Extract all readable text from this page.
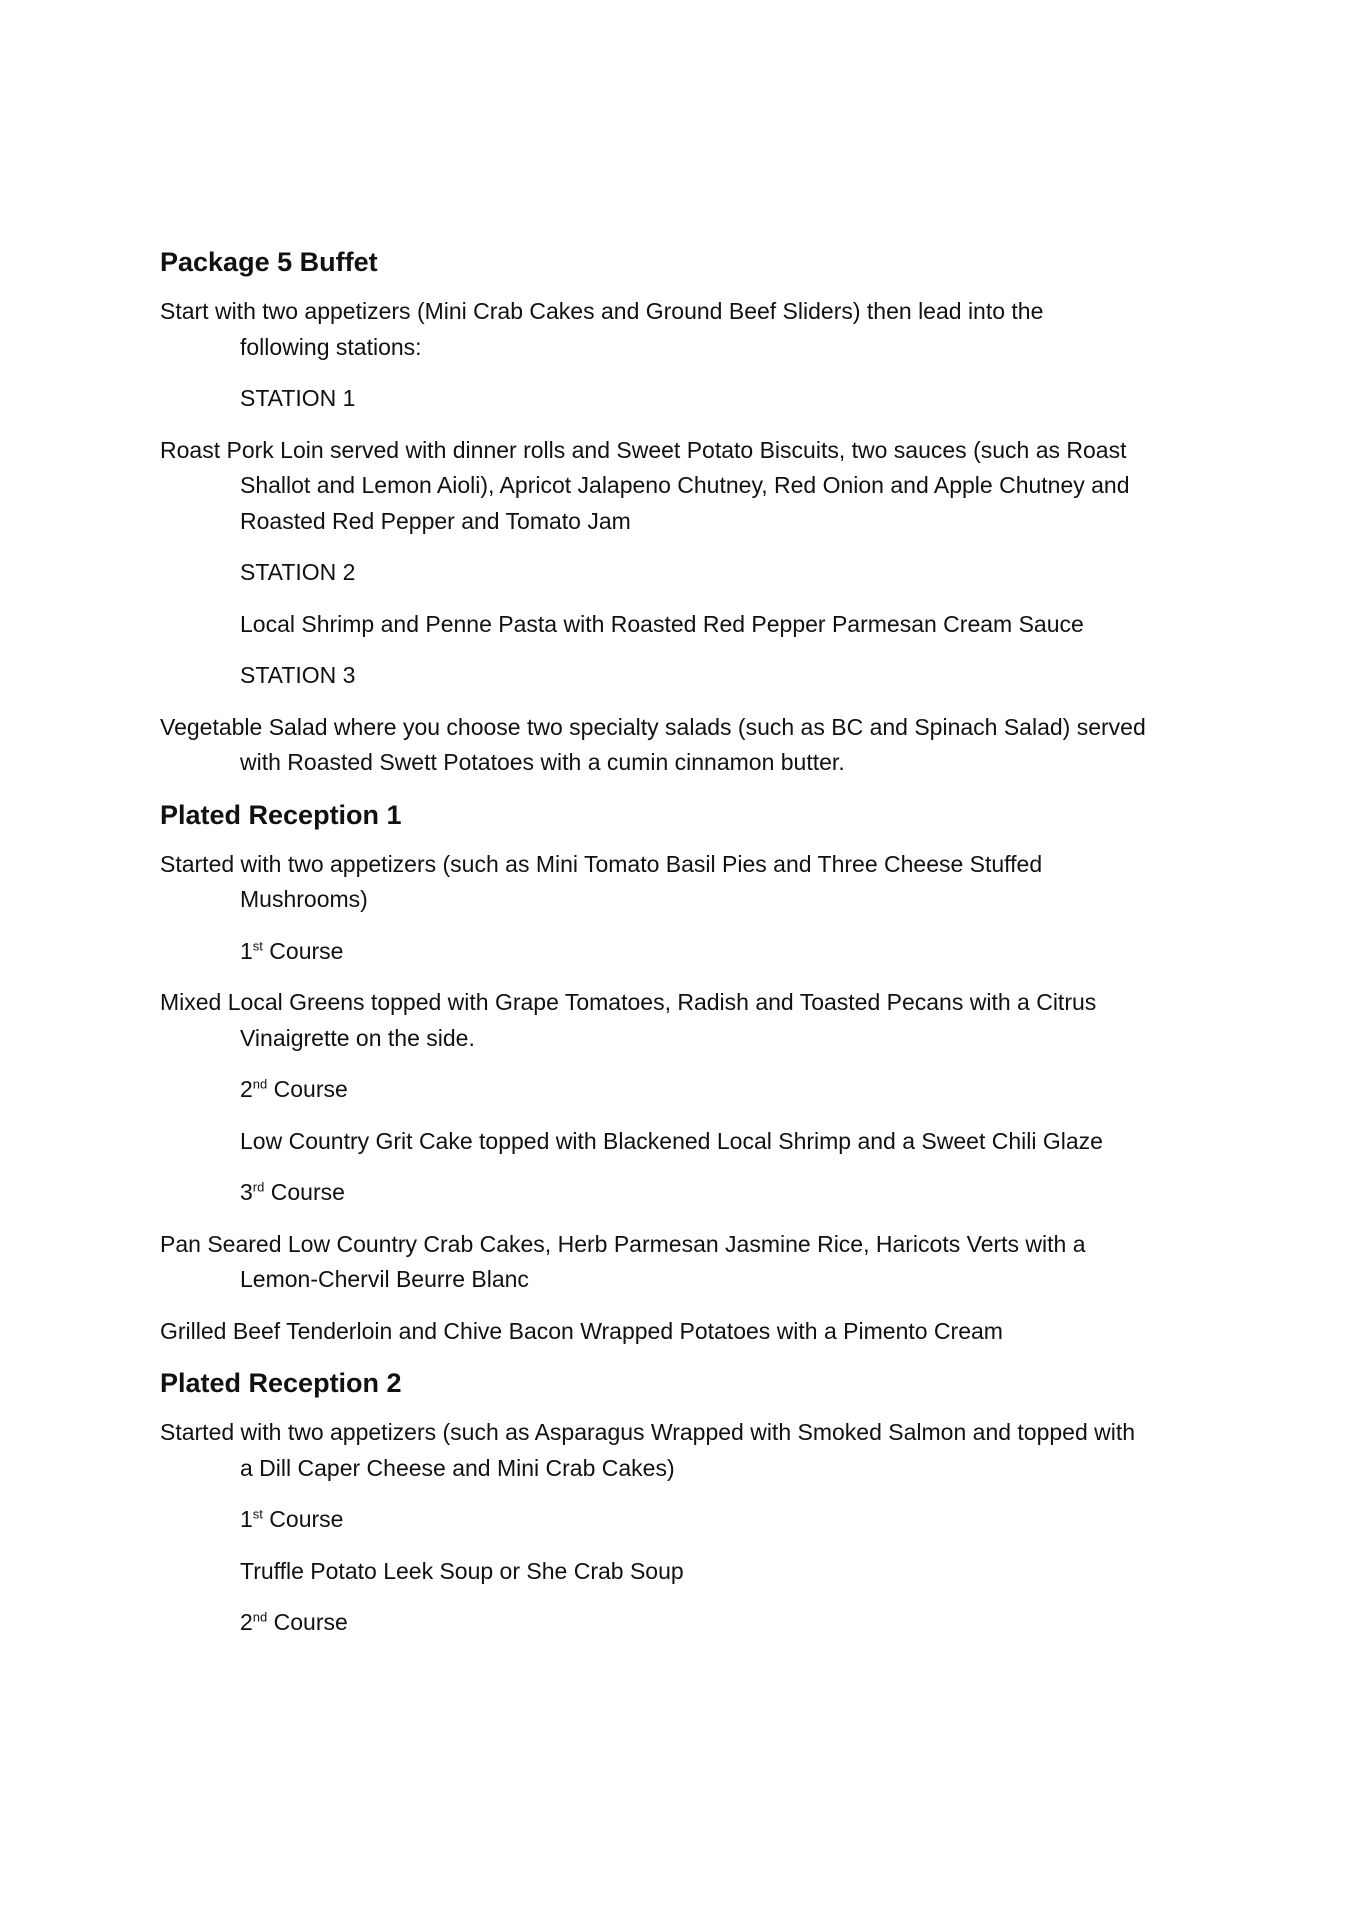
Package 5 Buffet
Start with two appetizers (Mini Crab Cakes and Ground Beef Sliders) then lead into the
following stations:
STATION 1
Roast Pork Loin served with dinner rolls and Sweet Potato Biscuits, two sauces (such as Roast
Shallot and Lemon Aioli), Apricot Jalapeno Chutney, Red Onion and Apple Chutney and
Roasted Red Pepper and Tomato Jam
STATION 2
Local Shrimp and Penne Pasta with Roasted Red Pepper Parmesan Cream Sauce
STATION 3
Vegetable Salad where you choose two specialty salads (such as BC and Spinach Salad) served
with Roasted Swett Potatoes with a cumin cinnamon butter.
Plated Reception 1
Started with two appetizers (such as Mini Tomato Basil Pies and Three Cheese Stuffed
Mushrooms)
1st Course
Mixed Local Greens topped with Grape Tomatoes, Radish and Toasted Pecans with a Citrus
Vinaigrette on the side.
2nd Course
Low Country Grit Cake topped with Blackened Local Shrimp and a Sweet Chili Glaze
3rd Course
Pan Seared Low Country Crab Cakes, Herb Parmesan Jasmine Rice, Haricots Verts with a
Lemon-Chervil Beurre Blanc
Grilled Beef Tenderloin and Chive Bacon Wrapped Potatoes with a Pimento Cream
Plated Reception 2
Started with two appetizers (such as Asparagus Wrapped with Smoked Salmon and topped with
a Dill Caper Cheese and Mini Crab Cakes)
1st Course
Truffle Potato Leek Soup or She Crab Soup
2nd Course
